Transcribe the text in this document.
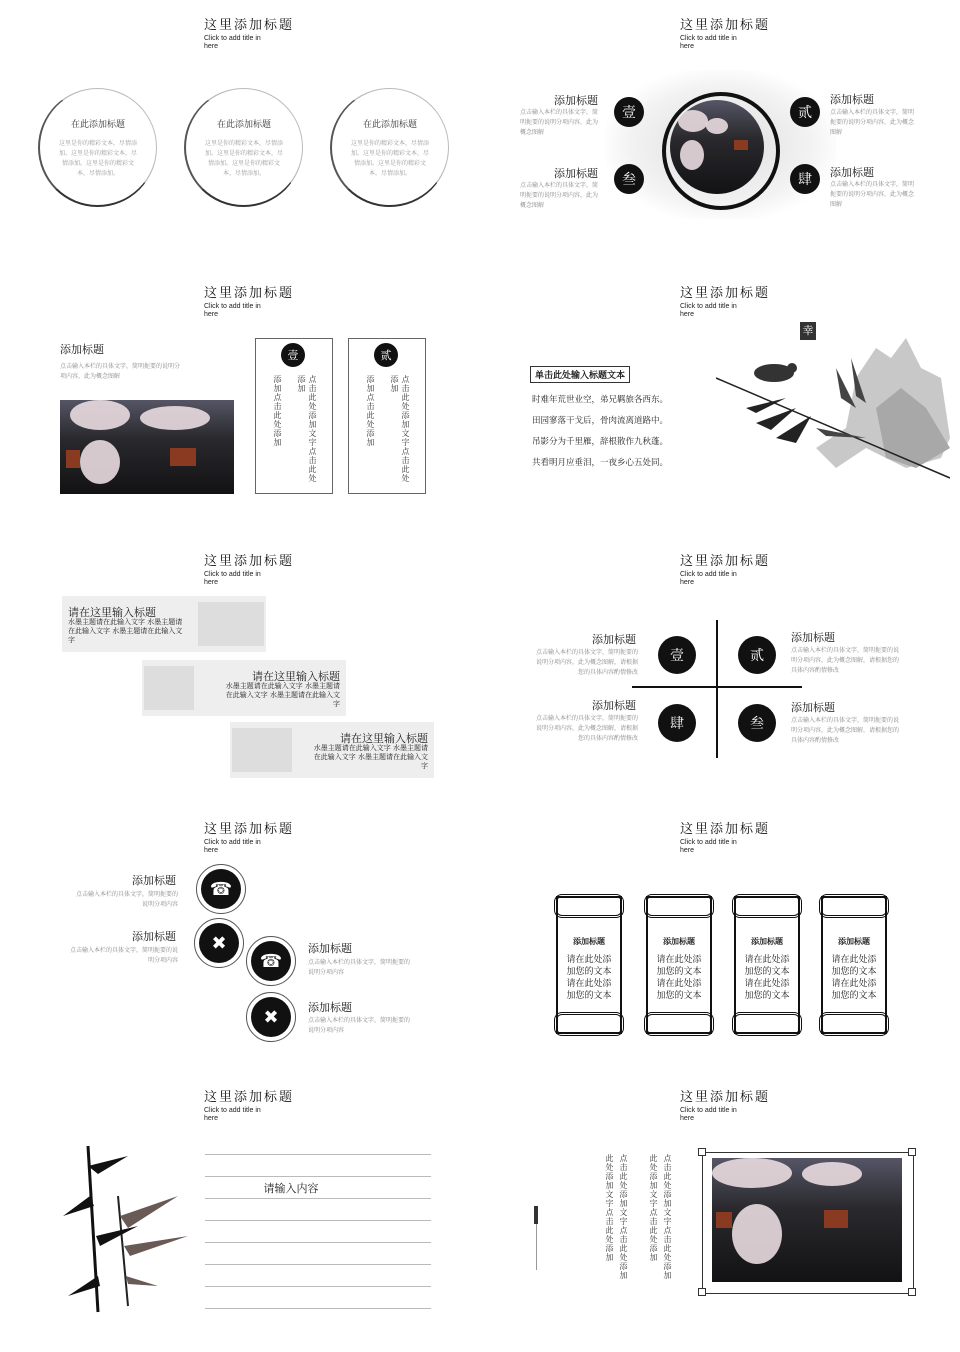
这里添加标题
Click to add title in here
在此添加标题
这里是你的精彩文本，尽情添加。这里是你的精彩文本，尽情添加。这里是你的精彩文本，尽情添加。
在此添加标题
这里是你的精彩文本，尽情添加。这里是你的精彩文本，尽情添加。这里是你的精彩文本，尽情添加。
在此添加标题
这里是你的精彩文本，尽情添加。这里是你的精彩文本，尽情添加。这里是你的精彩文本，尽情添加。
这里添加标题
Click to add title in here
壹	贰
叁	肆
添加标题
点击输入本栏的具体文字，简明扼要的说明分项内容，此为概念图解
添加标题
点击输入本栏的具体文字，简明扼要的说明分项内容，此为概念图解
添加标题
点击输入本栏的具体文字，简明扼要的说明分项内容，此为概念图解
添加标题
点击输入本栏的具体文字，简明扼要的说明分项内容，此为概念图解
这里添加标题
Click to add title in here
添加标题
点击输入本栏的具体文字，简明扼要的说明分项内容，此为概念图解
壹
点击此处添加文字点击此处添加
添加点击此处添加
贰
点击此处添加文字点击此处添加
添加点击此处添加
这里添加标题
Click to add title in here
幸
单击此处输入标题文本
时难年荒世业空，弟兄羁旅各西东。
田园寥落干戈后，骨肉流离道路中。
吊影分为千里雁，辞根散作九秋蓬。
共看明月应垂泪，一夜乡心五处同。
这里添加标题
Click to add title in here
请在这里输入标题
水墨主题请在此输入文字 水墨主题请在此输入文字 水墨主题请在此输入文字
请在这里输入标题
水墨主题请在此输入文字 水墨主题请在此输入文字 水墨主题请在此输入文字
请在这里输入标题
水墨主题请在此输入文字 水墨主题请在此输入文字 水墨主题请在此输入文字
这里添加标题
Click to add title in here
壹	贰
肆	叁
添加标题
点击输入本栏的具体文字，简明扼要的说明分项内容，此为概念图解，请根据您的具体内容酌情修改
添加标题
点击输入本栏的具体文字，简明扼要的说明分项内容，此为概念图解，请根据您的具体内容酌情修改
添加标题
点击输入本栏的具体文字，简明扼要的说明分项内容，此为概念图解，请根据您的具体内容酌情修改
添加标题
点击输入本栏的具体文字，简明扼要的说明分项内容，此为概念图解，请根据您的具体内容酌情修改
这里添加标题
Click to add title in here
☎
✖
☎
✖
添加标题
点击输入本栏的具体文字，简明扼要的说明分项内容
添加标题
点击输入本栏的具体文字，简明扼要的说明分项内容
添加标题
点击输入本栏的具体文字，简明扼要的说明分项内容
添加标题
点击输入本栏的具体文字，简明扼要的说明分项内容
这里添加标题
Click to add title in here
添加标题
请在此处添加您的文本请在此处添加您的文本
添加标题
请在此处添加您的文本请在此处添加您的文本
添加标题
请在此处添加您的文本请在此处添加您的文本
添加标题
请在此处添加您的文本请在此处添加您的文本
这里添加标题
Click to add title in here
请输入内容
这里添加标题
Click to add title in here
此处添加文字点击此处添加 点击此处添加文字点击此处添加	此处添加文字点击此处添加 点击此处添加文字点击此处添加
